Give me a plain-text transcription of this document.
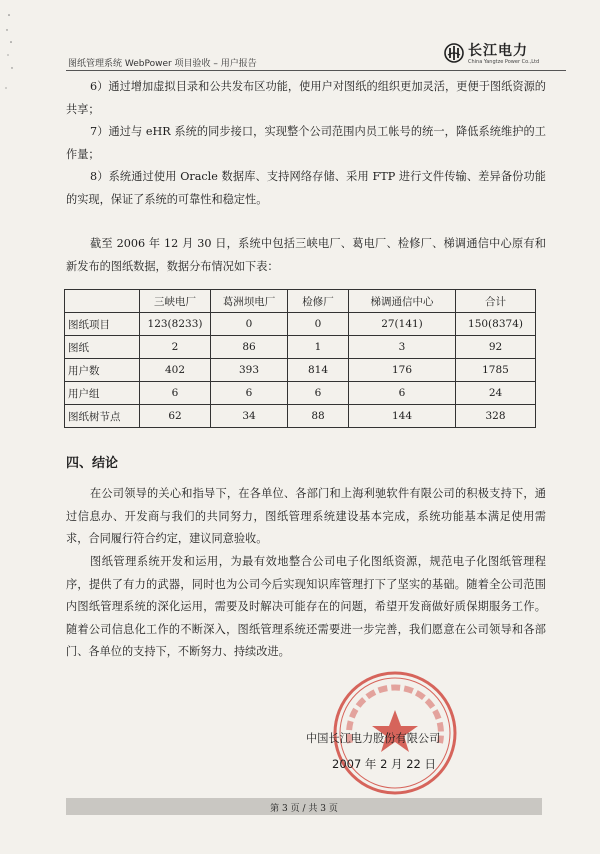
图纸管理系统 WebPower 项目验收 – 用户报告
长江电力
China Yangtze Power Co.,Ltd

6）通过增加虚拟目录和公共发布区功能，使用户对图纸的组织更加灵活，更便于图纸资源的共享；

7）通过与 eHR 系统的同步接口，实现整个公司范围内员工帐号的统一，降低系统维护的工作量；

8）系统通过使用 Oracle 数据库、支持网络存储、采用 FTP 进行文件传输、差异备份功能的实现，保证了系统的可靠性和稳定性。

截至 2006 年 12 月 30 日，系统中包括三峡电厂、葛电厂、检修厂、梯调通信中心原有和新发布的图纸数据，数据分布情况如下表：

	三峡电厂	葛洲坝电厂	检修厂	梯调通信中心	合计
图纸项目	123(8233)	0	0	27(141)	150(8374)
图纸	2	86	1	3	92
用户数	402	393	814	176	1785
用户组	6	6	6	6	24
图纸树节点	62	34	88	144	328
四、结论

在公司领导的关心和指导下，在各单位、各部门和上海利驰软件有限公司的积极支持下，通过信息办、开发商与我们的共同努力，图纸管理系统建设基本完成，系统功能基本满足使用需求，合同履行符合约定，建议同意验收。

图纸管理系统开发和运用，为最有效地整合公司电子化图纸资源，规范电子化图纸管理程序，提供了有力的武器，同时也为公司今后实现知识库管理打下了坚实的基础。随着全公司范围内图纸管理系统的深化运用，需要及时解决可能存在的问题，希望开发商做好质保期服务工作。随着公司信息化工作的不断深入，图纸管理系统还需要进一步完善，我们愿意在公司领导和各部门、各单位的支持下，不断努力、持续改进。

中国长江电力股份有限公司
2007 年 2 月 22 日
第 3 页 / 共 3 页
